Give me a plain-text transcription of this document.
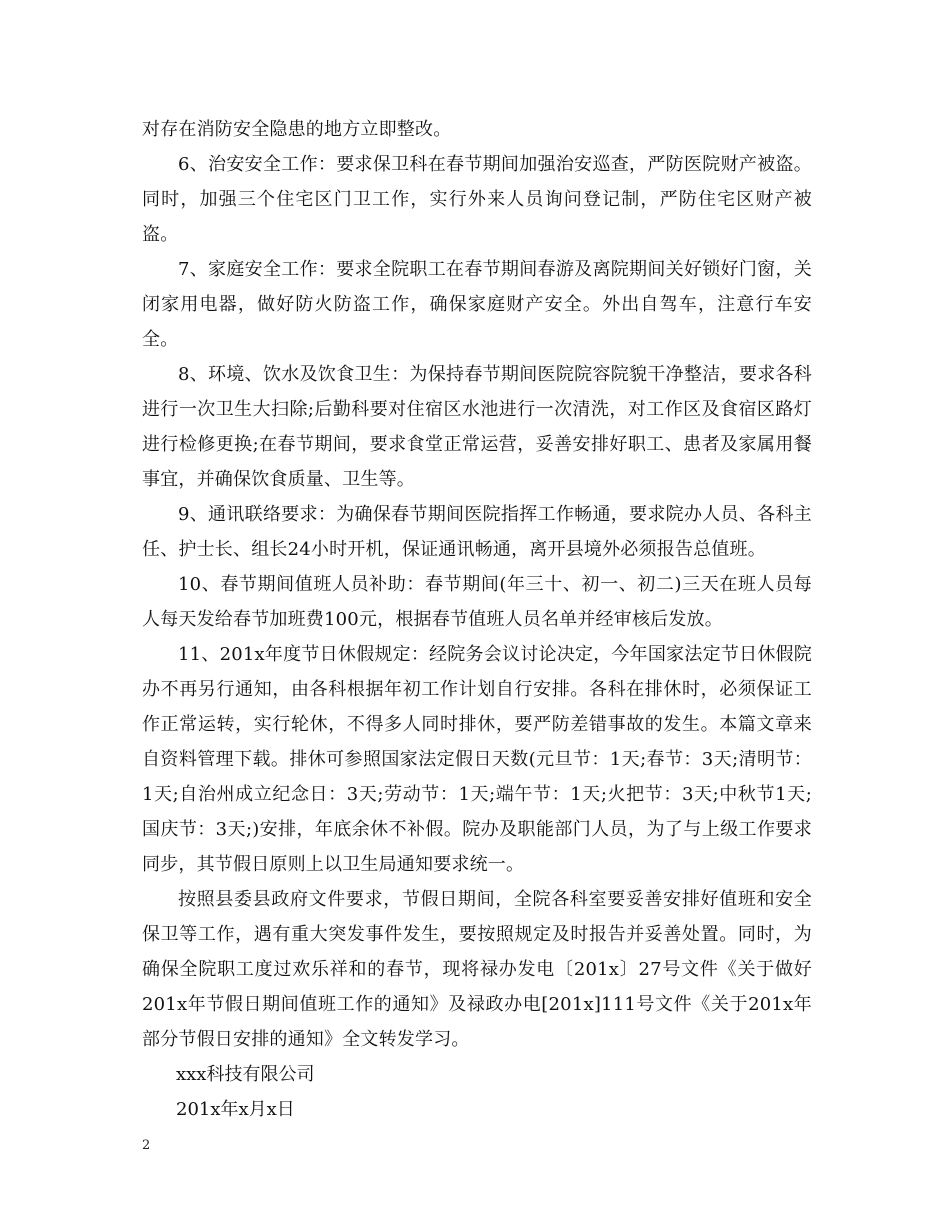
对存在消防安全隐患的地方立即整改。

6、治安安全工作：要求保卫科在春节期间加强治安巡查，严防医院财产被盗。同时，加强三个住宅区门卫工作，实行外来人员询问登记制，严防住宅区财产被盗。

7、家庭安全工作：要求全院职工在春节期间春游及离院期间关好锁好门窗，关闭家用电器，做好防火防盗工作，确保家庭财产安全。外出自驾车，注意行车安全。

8、环境、饮水及饮食卫生：为保持春节期间医院院容院貌干净整洁，要求各科进行一次卫生大扫除;后勤科要对住宿区水池进行一次清洗，对工作区及食宿区路灯进行检修更换;在春节期间，要求食堂正常运营，妥善安排好职工、患者及家属用餐事宜，并确保饮食质量、卫生等。

9、通讯联络要求：为确保春节期间医院指挥工作畅通，要求院办人员、各科主任、护士长、组长24小时开机，保证通讯畅通，离开县境外必须报告总值班。

10、春节期间值班人员补助：春节期间(年三十、初一、初二)三天在班人员每人每天发给春节加班费100元，根据春节值班人员名单并经审核后发放。

11、201x年度节日休假规定：经院务会议讨论决定，今年国家法定节日休假院办不再另行通知，由各科根据年初工作计划自行安排。各科在排休时，必须保证工作正常运转，实行轮休，不得多人同时排休，要严防差错事故的发生。本篇文章来自资料管理下载。排休可参照国家法定假日天数(元旦节：1天;春节：3天;清明节：1天;自治州成立纪念日：3天;劳动节：1天;端午节：1天;火把节：3天;中秋节1天;国庆节：3天;)安排，年底余休不补假。院办及职能部门人员，为了与上级工作要求同步，其节假日原则上以卫生局通知要求统一。

按照县委县政府文件要求，节假日期间，全院各科室要妥善安排好值班和安全保卫等工作，遇有重大突发事件发生，要按照规定及时报告并妥善处置。同时，为确保全院职工度过欢乐祥和的春节，现将禄办发电〔201x〕27号文件《关于做好201x年节假日期间值班工作的通知》及禄政办电[201x]111号文件《关于201x年部分节假日安排的通知》全文转发学习。

xxx科技有限公司

201x年x月x日

2
